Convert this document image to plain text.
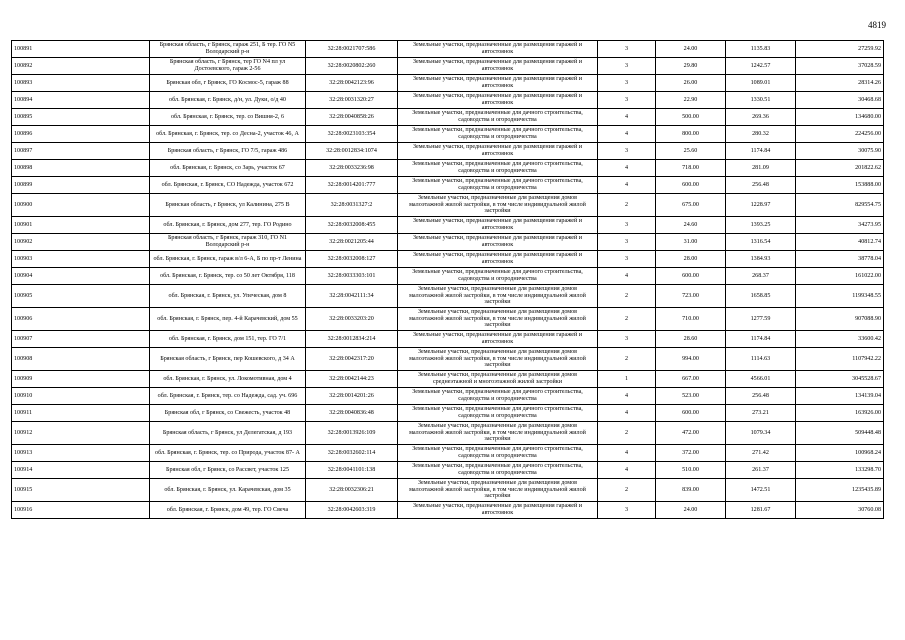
4819
100891	Брянская область, г Брянск, гараж 251, Б тер. ГО N5 Володарский р-н	32:28:0021707:586	Земельные участки, предназначенные для размещения гаражей и автостоянок	3	24.00	1135.83	27259.92
100892	Брянская область, г Брянск, тер ГО N4 пл ул Достоевского, гараж 2-56	32:28:0020802:260	Земельные участки, предназначенные для размещения гаражей и автостоянок	3	29.80	1242.57	37028.59
100893	Брянская обл, г Брянск, ГО Космос-5, гараж 88	32:28:0042123:96	Земельные участки, предназначенные для размещения гаражей и автостоянок	3	26.00	1089.01	28314.26
100894	обл. Брянская, г. Брянск, д/н, ул. Дуки, о/д 40	32:28:0031320:27	Земельные участки, предназначенные для размещения гаражей и автостоянок	3	22.90	1330.51	30468.68
100895	обл. Брянская, г. Брянск, тер. со Вишня-2, 6	32:28:0040858:26	Земельные участки, предназначенные для дачного строительства, садоводства и огородничества	4	500.00	269.36	134680.00
100896	обл. Брянская, г. Брянск, тер. со Десна-2, участок 46, А	32:28:0023103:354	Земельные участки, предназначенные для дачного строительства, садоводства и огородничества	4	800.00	280.32	224256.00
100897	Брянская область, г Брянск, ГО 7/5, гараж 486	32:28:0012834:1074	Земельные участки, предназначенные для размещения гаражей и автостоянок	3	25.60	1174.84	30075.90
100898	обл. Брянская, г. Брянск, со Зарь, участок 67	32:28:0033236:98	Земельные участки, предназначенные для дачного строительства, садоводства и огородничества	4	718.00	281.09	201822.62
100899	обл. Брянская, г. Брянск, СО Надежда, участок 672	32:28:0014201:777	Земельные участки, предназначенные для дачного строительства, садоводства и огородничества	4	600.00	256.48	153888.00
100900	Брянская область, г Брянск, ул Калинина, 275 В	32:28:0031327:2	Земельные участки, предназначенные для размещения домов малоэтажной жилой застройки, в том числе индивидуальной жилой застройки	2	675.00	1228.97	829554.75
100901	обл. Брянская, г. Брянск, дом 277, тер. ГО Родино	32:28:0032008:455	Земельные участки, предназначенные для размещения гаражей и автостоянок	3	24.60	1393.25	34273.95
100902	Брянская область, г Брянск, гараж 310, ГО N1 Володарский р-н	32:28:0021205:44	Земельные участки, предназначенные для размещения гаражей и автостоянок	3	31.00	1316.54	40812.74
100903	обл. Брянская, г. Брянск, гараж в/л 6-А, Б по пр-т Ленина	32:28:0032008:127	Земельные участки, предназначенные для размещения гаражей и автостоянок	3	28.00	1384.93	38778.04
100904	обл. Брянская, г. Брянск, тер. со 50 лет Октября, 118	32:28:0033303:101	Земельные участки, предназначенные для дачного строительства, садоводства и огородничества	4	600.00	268.37	161022.00
100905	обл. Брянская, г. Брянск, ул. Упеческая, дом 8	32:28:0042111:34	Земельные участки, предназначенные для размещения домов малоэтажной жилой застройки, в том числе индивидуальной жилой застройки	2	723.00	1658.85	1199348.55
100906	обл. Брянская, г. Брянск, пер. 4-й Карачевский, дом 55	32:28:0033203:20	Земельные участки, предназначенные для размещения домов малоэтажной жилой застройки, в том числе индивидуальной жилой застройки	2	710.00	1277.59	907088.90
100907	обл. Брянская, г. Брянск, дом 151, тер. ГО 7/1	32:28:0012834:214	Земельные участки, предназначенные для размещения гаражей и автостоянок	3	28.60	1174.84	33600.42
100908	Брянская область, г Брянск, пер Кошевского, д 34 А	32:28:0042317:20	Земельные участки, предназначенные для размещения домов малоэтажной жилой застройки, в том числе индивидуальной жилой застройки	2	994.00	1114.63	1107942.22
100909	обл. Брянская, г. Брянск, ул. Локомотивная, дом 4	32:28:0042144:23	Земельные участки, предназначенные для размещения домов среднеэтажной и многоэтажной жилой застройки	1	667.00	4566.01	3045528.67
100910	обл. Брянская, г. Брянск, тер. со Надежда, сад. уч. 696	32:28:0014201:26	Земельные участки, предназначенные для дачного строительства, садоводства и огородничества	4	523.00	256.48	134139.04
100911	Брянская обл, г Брянск, со Свежесть, участок 48	32:28:0040836:48	Земельные участки, предназначенные для дачного строительства, садоводства и огородничества	4	600.00	273.21	163926.00
100912	Брянская область, г Брянск, ул Делегатская, д 193	32:28:0013926:109	Земельные участки, предназначенные для размещения домов малоэтажной жилой застройки, в том числе индивидуальной жилой застройки	2	472.00	1079.34	509448.48
100913	обл. Брянская, г. Брянск, тер. со Природа, участок 87- А	32:28:0032602:114	Земельные участки, предназначенные для дачного строительства, садоводства и огородничества	4	372.00	271.42	100968.24
100914	Брянская обл, г Брянск, со Рассвет, участок 125	32:28:0041101:138	Земельные участки, предназначенные для дачного строительства, садоводства и огородничества	4	510.00	261.37	133298.70
100915	обл. Брянская, г. Брянск, ул. Карачевская, дом 35	32:28:0032306:21	Земельные участки, предназначенные для размещения домов малоэтажной жилой застройки, в том числе индивидуальной жилой застройки	2	839.00	1472.51	1235435.89
100916	обл. Брянская, г. Брянск, дом 49, тер. ГО Свеча	32:28:0042603:319	Земельные участки, предназначенные для размещения гаражей и автостоянок	3	24.00	1281.67	30760.08
